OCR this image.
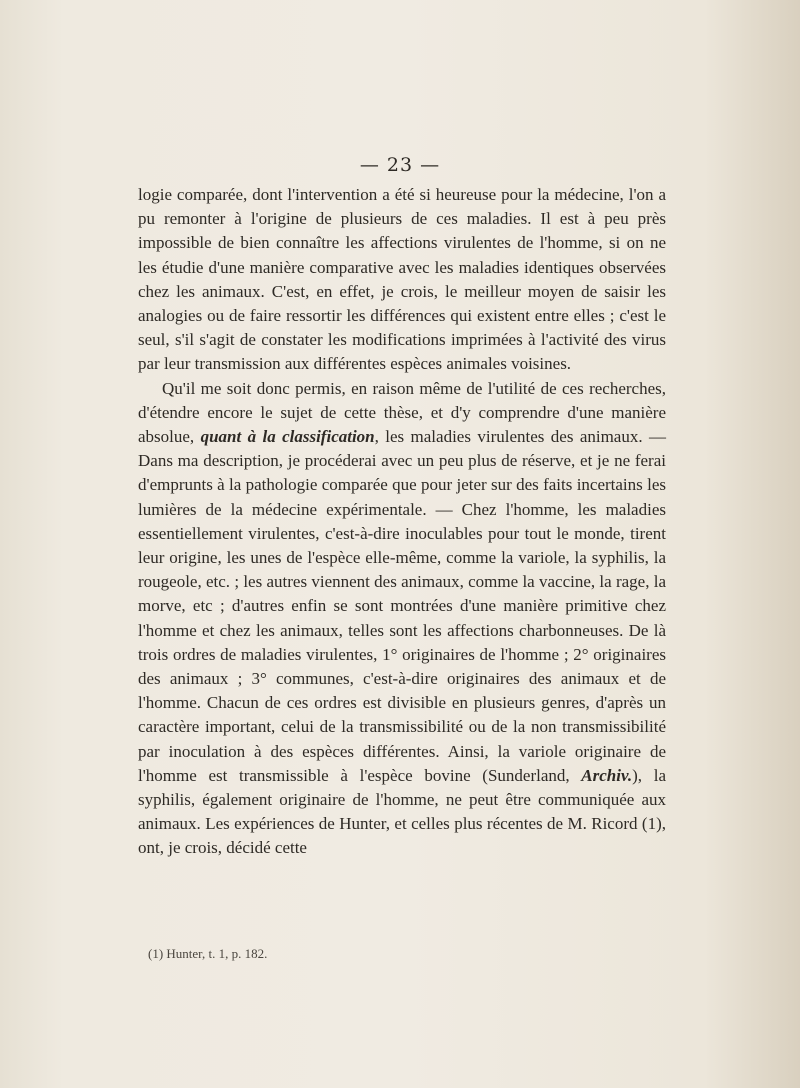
— 23 —

logie comparée, dont l'intervention a été si heureuse pour la médecine, l'on a pu remonter à l'origine de plusieurs de ces maladies. Il est à peu près impossible de bien connaître les affections virulentes de l'homme, si on ne les étudie d'une manière comparative avec les maladies identiques observées chez les animaux. C'est, en effet, je crois, le meilleur moyen de saisir les analogies ou de faire ressortir les différences qui existent entre elles ; c'est le seul, s'il s'agit de constater les modifications imprimées à l'activité des virus par leur transmission aux différentes espèces animales voisines.

Qu'il me soit donc permis, en raison même de l'utilité de ces recherches, d'étendre encore le sujet de cette thèse, et d'y comprendre d'une manière absolue, quant à la classification, les maladies virulentes des animaux. — Dans ma description, je procéderai avec un peu plus de réserve, et je ne ferai d'emprunts à la pathologie comparée que pour jeter sur des faits incertains les lumières de la médecine expérimentale. — Chez l'homme, les maladies essentiellement virulentes, c'est-à-dire inoculables pour tout le monde, tirent leur origine, les unes de l'espèce elle-même, comme la variole, la syphilis, la rougeole, etc. ; les autres viennent des animaux, comme la vaccine, la rage, la morve, etc ; d'autres enfin se sont montrées d'une manière primitive chez l'homme et chez les animaux, telles sont les affections charbonneuses. De là trois ordres de maladies virulentes, 1° originaires de l'homme ; 2° originaires des animaux ; 3° communes, c'est-à-dire originaires des animaux et de l'homme. Chacun de ces ordres est divisible en plusieurs genres, d'après un caractère important, celui de la transmissibilité ou de la non transmissibilité par inoculation à des espèces différentes. Ainsi, la variole originaire de l'homme est transmissible à l'espèce bovine (Sunderland, Archiv.), la syphilis, également originaire de l'homme, ne peut être communiquée aux animaux. Les expériences de Hunter, et celles plus récentes de M. Ricord (1), ont, je crois, décidé cette

(1) Hunter, t. 1, p. 182.
